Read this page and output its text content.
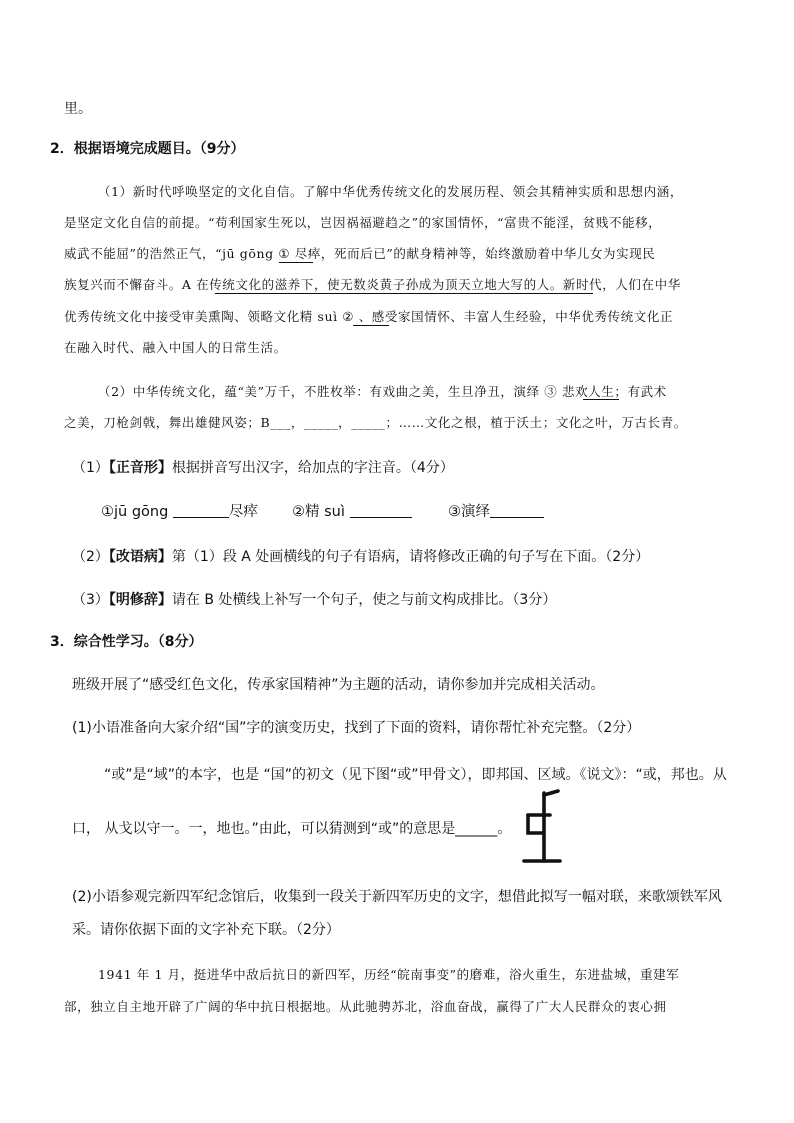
里。
2．根据语境完成题目。（9分）
（1）新时代呼唤坚定的文化自信。了解中华优秀传统文化的发展历程、领会其精神实质和思想内涵，
是坚定文化自信的前提。“苟利国家生死以，岂因祸福避趋之”的家国情怀，“富贵不能淫，贫贱不能移，
威武不能屈”的浩然正气，“jū gōng ① 尽瘁，死而后已”的献身精神等，始终激励着中华儿女为实现民
族复兴而不懈奋斗。A 在传统文化的滋养下，使无数炎黄子孙成为顶天立地大写的人。新时代，人们在中华
优秀传统文化中接受审美熏陶、领略文化精 suì ② 、感受家国情怀、丰富人生经验，中华优秀传统文化正
在融入时代、融入中国人的日常生活。
（2）中华传统文化，蕴“美”万千，不胜枚举：有戏曲之美，生旦净丑，演绎 ③ 悲欢人生；有武术
之美，刀枪剑戟，舞出雄健风姿；B___，_____，_____；……文化之根，植于沃土；文化之叶，万古长青。
（1）【正音形】根据拼音写出汉字，给加点的字注音。（4分）
①jū gōng	尽瘁 ②精 suì	③演绎
（2）【改语病】第（1）段 A 处画横线的句子有语病，请将修改正确的句子写在下面。（2分）
（3）【明修辞】请在 B 处横线上补写一个句子，使之与前文构成排比。（3分）
3．综合性学习。（8分）
班级开展了“感受红色文化，传承家国精神”为主题的活动，请你参加并完成相关活动。
(1)小语准备向大家介绍“国”字的演变历史，找到了下面的资料，请你帮忙补充完整。（2分）
“或”是“域”的本字，也是 “国”的初文（见下图“或”甲骨文），即邦国、区域。《说文》：“或，邦也。从
口， 从戈以守一。一，地也。”由此，可以猜测到“或”的意思是______。
(2)小语参观完新四军纪念馆后，收集到一段关于新四军历史的文字，想借此拟写一幅对联，来歌颂铁军风
采。请你依据下面的文字补充下联。（2分）
1941 年 1 月，挺进华中敌后抗日的新四军，历经“皖南事变”的磨难，浴火重生，东进盐城，重建军
部，独立自主地开辟了广阔的华中抗日根据地。从此驰骋苏北，浴血奋战，赢得了广大人民群众的衷心拥
